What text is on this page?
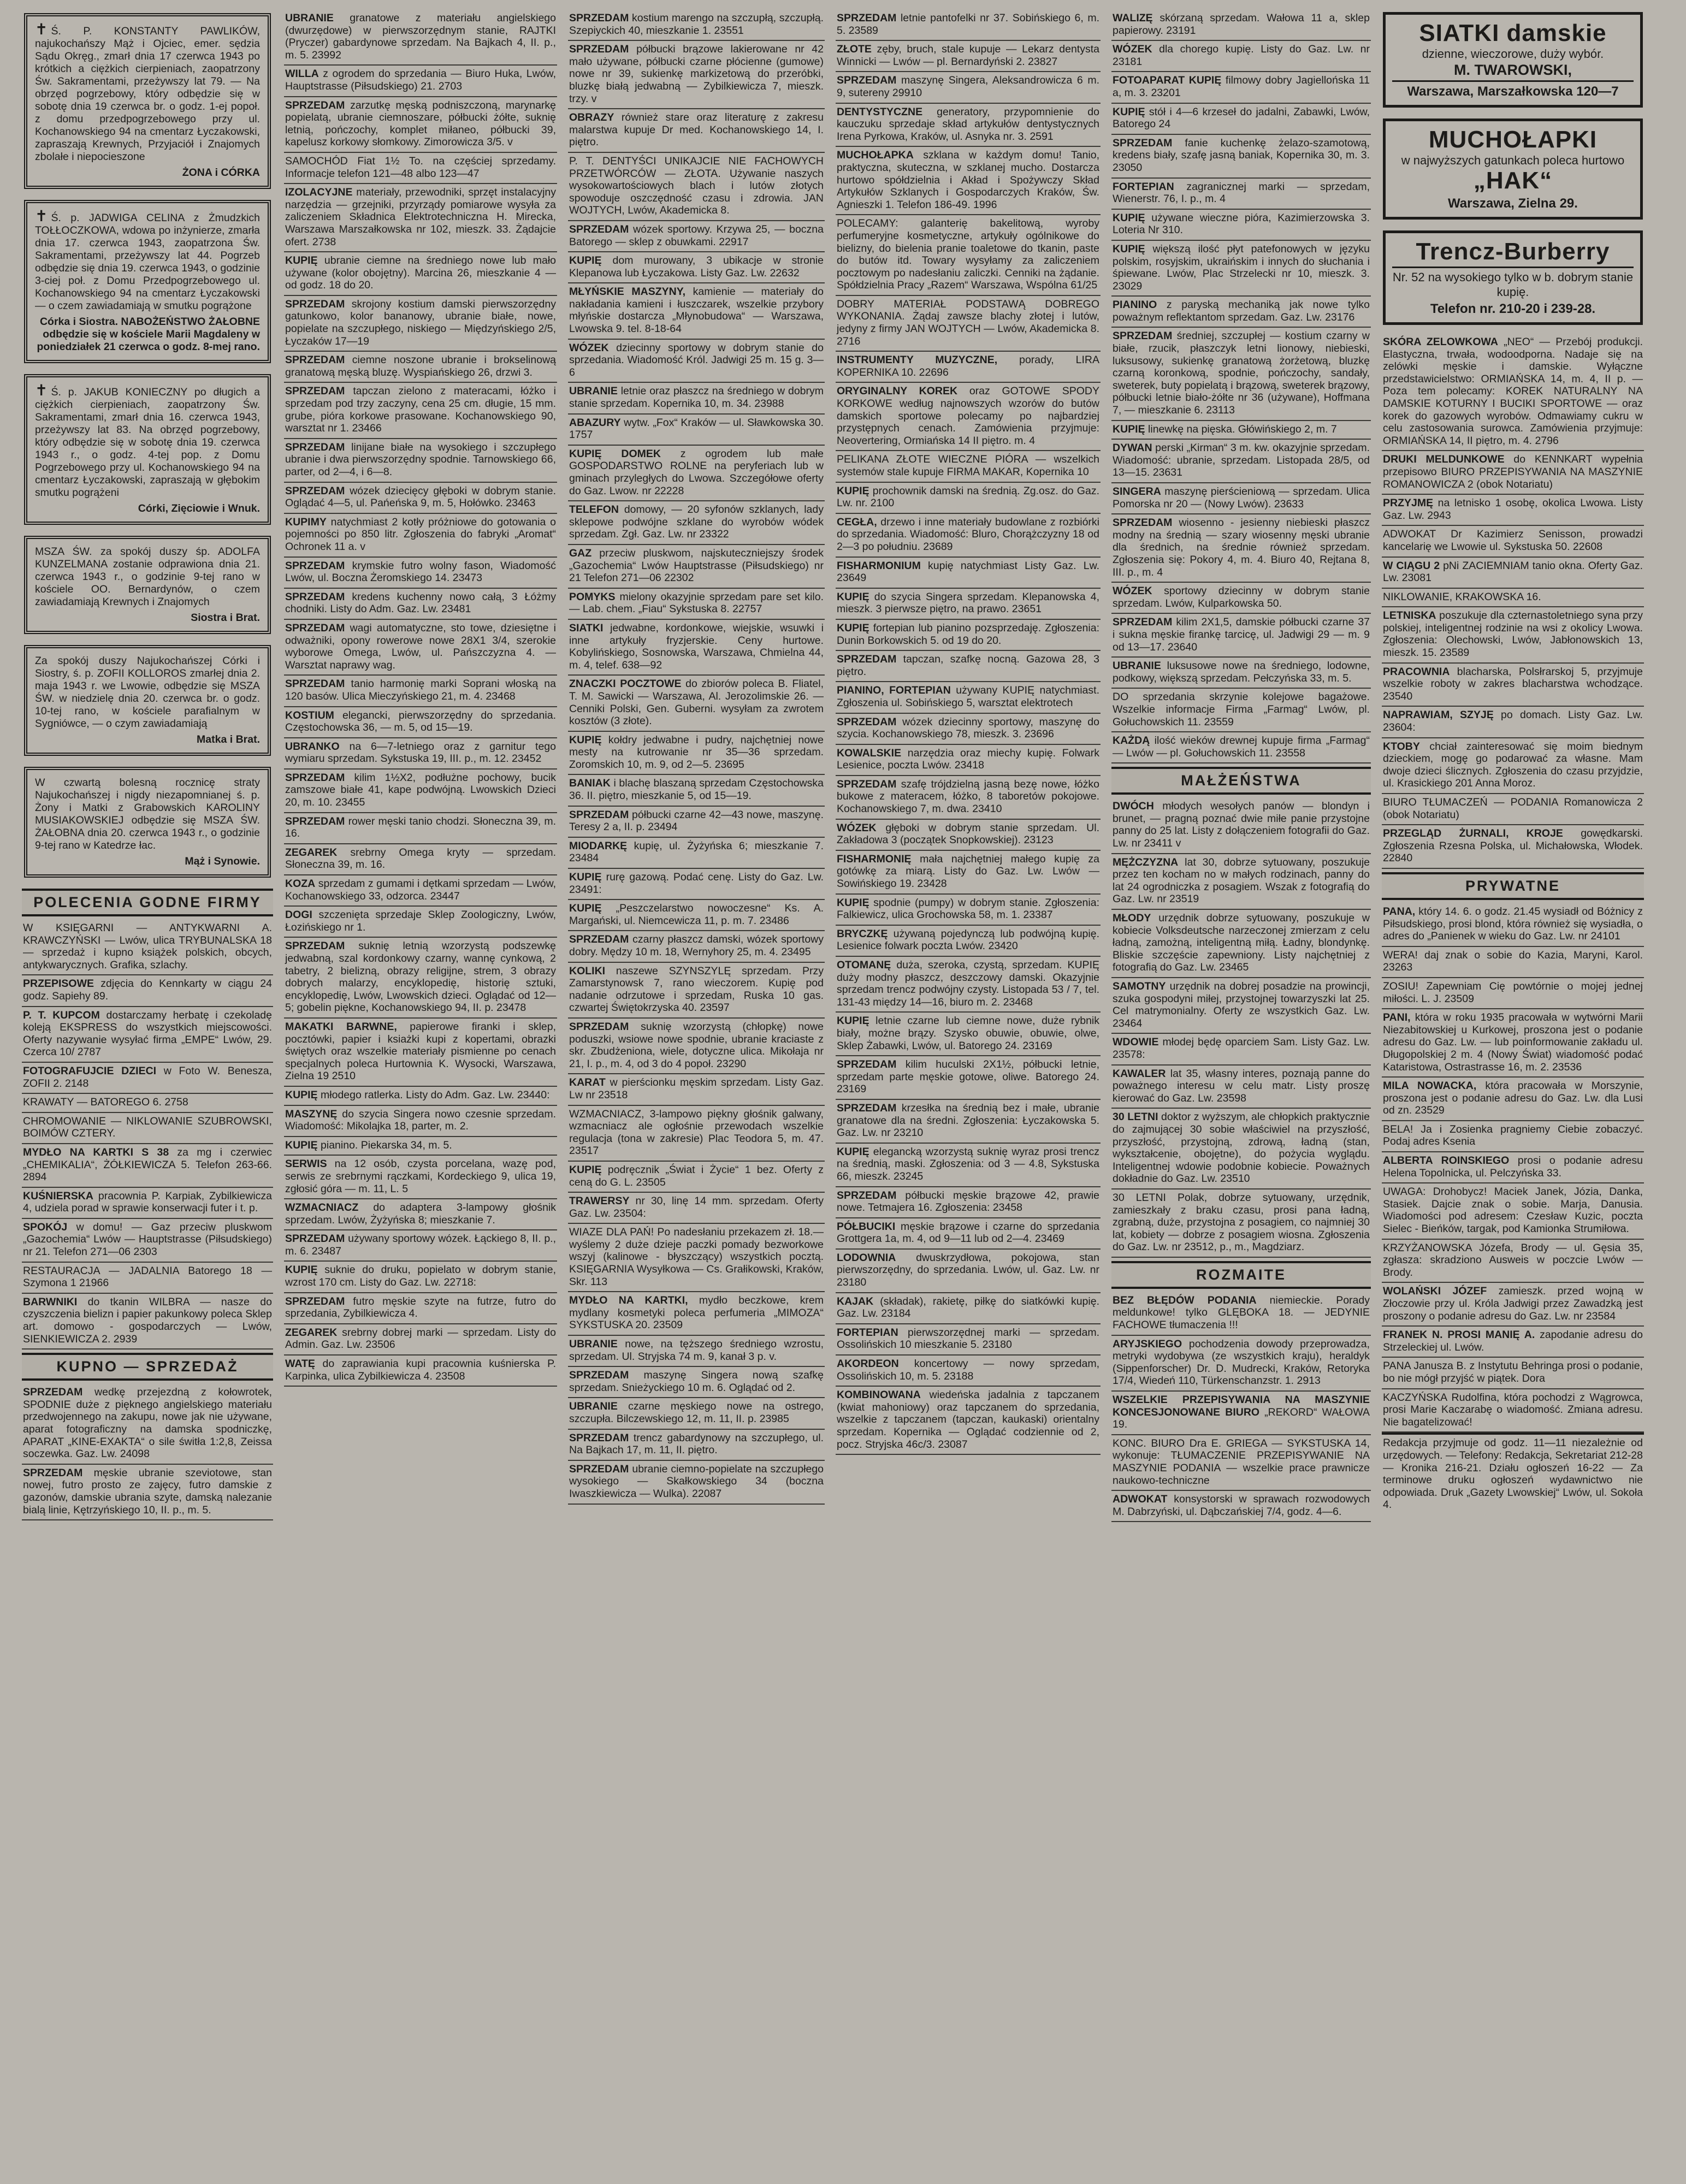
✝ Ś. P. KONSTANTY PAWLIKÓW, najukochańszy Mąż i Ojciec, emer. sędzia Sądu Okręg., zmarł dnia 17 czerwca 1943 po krótkich a ciężkich cierpieniach, zaopatrzony Św. Sakramentami, przeżywszy lat 79. — Na obrzęd pogrzebowy, który odbędzie się w sobotę dnia 19 czerwca br. o godz. 1-ej popoł. z domu przedpogrzebowego przy ul. Kochanowskiego 94 na cmentarz Łyczakowski, zapraszają Krewnych, Przyjaciół i Znajomych zbolałe i niepocieszone
ŻONA i CÓRKA
✝ Ś. p. JADWIGA CELINA z Żmudzkich TOŁŁOCZKOWA, wdowa po inżynierze, zmarła dnia 17. czerwca 1943, zaopatrzona Św. Sakramentami, przeżywszy lat 44. Pogrzeb odbędzie się dnia 19. czerwca 1943, o godzinie 3-ciej poł. z Domu Przedpogrzebowego ul. Kochanowskiego 94 na cmentarz Łyczakowski — o czem zawiadamiają w smutku pogrążone
Córka i Siostra. NABOŻEŃSTWO ŻAŁOBNE odbędzie się w kościele Marii Magdaleny w poniedziałek 21 czerwca o godz. 8-mej rano.
✝ Ś. p. JAKUB KONIECZNY po długich a ciężkich cierpieniach, zaopatrzony Św. Sakramentami, zmarł dnia 16. czerwca 1943, przeżywszy lat 83. Na obrzęd pogrzebowy, który odbędzie się w sobotę dnia 19. czerwca 1943 r., o godz. 4-tej pop. z Domu Pogrzebowego przy ul. Kochanowskiego 94 na cmentarz Łyczakowski, zapraszają w głębokim smutku pogrążeni
Córki, Zięciowie i Wnuk.
MSZA ŚW. za spokój duszy śp. ADOLFA KUNZELMANA zostanie odprawiona dnia 21. czerwca 1943 r., o godzinie 9-tej rano w kościele OO. Bernardynów, o czem zawiadamiają Krewnych i Znajomych
Siostra i Brat.
Za spokój duszy Najukochańszej Córki i Siostry, ś. p. ZOFII KOLLOROS zmarłej dnia 2. maja 1943 r. we Lwowie, odbędzie się MSZA ŚW. w niedzielę dnia 20. czerwca br. o godz. 10-tej rano, w kościele parafialnym w Sygniówce, — o czym zawiadamiają
Matka i Brat.
W czwartą bolesną rocznicę straty Najukochańszej i nigdy niezapomnianej ś. p. Żony i Matki z Grabowskich KAROLINY MUSIAKOWSKIEJ odbędzie się MSZA ŚW. ŻAŁOBNA dnia 20. czerwca 1943 r., o godzinie 9-tej rano w Katedrze łac.
Mąż i Synowie.
POLECENIA GODNE FIRMY
W KSIĘGARNI — ANTYKWARNI A. KRAWCZYŃSKI — Lwów, ulica TRYBUNALSKA 18 — sprzedaż i kupno książek polskich, obcych, antykwarycznych. Grafika, szlachy.
PRZEPISOWE zdjęcia do Kennkarty w ciągu 24 godz. Sapiehy 89.
P. T. KUPCOM dostarczamy herbatę i czekoladę koleją EKSPRESS do wszystkich miejscowości. Oferty nazywanie wysyłać firma „EMPE“ Lwów, 29. Czerca 10/ 2787
FOTOGRAFUJCIE DZIECI w Foto W. Benesza, ZOFII 2. 2148
KRAWATY — BATOREGO 6. 2758
CHROMOWANIE — NIKLOWANIE SZUBROWSKI, BOIMÓW CZTERY.
MYDŁO NA KARTKI S 38 za mg i czerwiec „CHEMIKALIA“, ŻÓŁKIEWICZA 5. Telefon 263-66. 2894
KUŚNIERSKA pracownia P. Karpiak, Zybilkiewicza 4, udziela porad w sprawie konserwacji futer i t. p.
SPOKÓJ w domu! — Gaz przeciw pluskwom „Gazochemia“ Lwów — Hauptstrasse (Piłsudskiego) nr 21. Telefon 271—06 2303
RESTAURACJA — JADALNIA Batorego 18 — Szymona 1 21966
BARWNIKI do tkanin WILBRA — nasze do czyszczenia bielizn i papier pakunkowy poleca Sklep art. domowo - gospodarczych — Lwów, SIENKIEWICZA 2. 2939
KUPNO — SPRZEDAŻ
SPRZEDAM wedkę przejezdną z kołowrotek, SPODNIE duże z pięknego angielskiego materiału przedwojennego na zakupu, nowe jak nie używane, aparat fotograficzny na damska spodniczkę, APARAT „KINE-EXAKTA“ o sile świtła 1:2,8, Zeissa soczewka. Gaz. Lw. 24098
SPRZEDAM męskie ubranie szeviotowe, stan nowej, futro prosto ze zajęcy, futro damskie z gazonów, damskie ubrania szyte, damską nalezanie bialą linie, Kętrzyńskiego 10, II. p., m. 5.
UBRANIE granatowe z materiału angielskiego (dwurzędowe) w pierwszorzędnym stanie, RAJTKI (Pryczer) gabardynowe sprzedam. Na Bajkach 4, II. p., m. 5. 23992
WILLA z ogrodem do sprzedania — Biuro Huka, Lwów, Hauptstrasse (Piłsudskiego) 21. 2703
SPRZEDAM zarzutkę męską podniszczoną, marynarkę popielatą, ubranie ciemnoszare, półbucki żółte, suknię letnią, pończochy, komplet miłaneo, półbucki 39, kapelusz korkowy słomkowy. Zimorowicza 3/5. v
SAMOCHÓD Fiat 1½ To. na częściej sprzedamy. Informacje telefon 121—48 albo 123—47
IZOLACYJNE materiały, przewodniki, sprzęt instalacyjny narzędzia — grzejniki, przyrządy pomiarowe wysyła za zaliczeniem Składnica Elektrotechniczna H. Mirecka, Warszawa Marszałkowska nr 102, mieszk. 33. Żądajcie ofert. 2738
KUPIĘ ubranie ciemne na średniego nowe lub mało używane (kolor obojętny). Marcina 26, mieszkanie 4 — od godz. 18 do 20.
SPRZEDAM skrojony kostium damski pierwszorzędny gatunkowo, kolor bananowy, ubranie białe, nowe, popielate na szczupłego, niskiego — Międzyńskiego 2/5, Łyczaków 17—19
SPRZEDAM ciemne noszone ubranie i brokselinową granatową męską bluzę. Wyspiańskiego 26, drzwi 3.
SPRZEDAM tapczan zielono z materacami, łóżko i sprzedam pod trzy zaczyny, cena 25 cm. długie, 15 mm. grube, pióra korkowe prasowane. Kochanowskiego 90, warsztat nr 1. 23466
SPRZEDAM linijane białe na wysokiego i szczupłego ubranie i dwa pierwszorzędny spodnie. Tarnowskiego 66, parter, od 2—4, i 6—8.
SPRZEDAM wózek dziecięcy głęboki w dobrym stanie. Oglądać 4—5, ul. Pańeńska 9, m. 5, Hołówko. 23463
KUPIMY natychmiast 2 kotły próżniowe do gotowania o pojemności po 850 litr. Zgłoszenia do fabryki „Aromat“ Ochronek 11 a. v
SPRZEDAM krymskie futro wolny fason, Wiadomość Lwów, ul. Boczna Żeromskiego 14. 23473
SPRZEDAM kredens kuchenny nowo całą, 3 Łóżmy chodniki. Listy do Adm. Gaz. Lw. 23481
SPRZEDAM wagi automatyczne, sto towe, dziesiętne i odważniki, opony rowerowe nowe 28X1 3/4, szerokie wyborowe Omega, Lwów, ul. Pańszczyzna 4. — Warsztat naprawy wag.
SPRZEDAM tanio harmonię marki Soprani włoską na 120 basów. Ulica Mieczyńskiego 21, m. 4. 23468
KOSTIUM elegancki, pierwszorzędny do sprzedania. Częstochowska 36, — m. 5, od 15—19.
UBRANKO na 6—7-letniego oraz z garnitur tego wymiaru sprzedam. Sykstuska 19, III. p., m. 12. 23452
SPRZEDAM kilim 1½X2, podłużne pochowy, bucik zamszowe białe 41, kape podwójną. Lwowskich Dzieci 20, m. 10. 23455
SPRZEDAM rower męski tanio chodzi. Słoneczna 39, m. 16.
ZEGAREK srebrny Omega kryty — sprzedam. Słoneczna 39, m. 16.
KOZA sprzedam z gumami i dętkami sprzedam — Lwów, Kochanowskiego 33, odzorca. 23447
DOGI szczenięta sprzedaje Sklep Zoologiczny, Lwów, Łozińskiego nr 1.
SPRZEDAM suknię letnią wzorzystą podszewkę jedwabną, szal kordonkowy czarny, wannę cynkową, 2 tabetry, 2 bielizną, obrazy religijne, strem, 3 obrazy dobrych malarzy, encyklopedię, historię sztuki, encyklopedię, Lwów, Lwowskich dzieci. Oglądać od 12—5; gobelin piękne, Kochanowskiego 94, II. p. 23478
MAKATKI BARWNE, papierowe firanki i sklep, pocztówki, papier i ksiażki kupi z kopertami, obrazki świętych oraz wszelkie materiały pismienne po cenach specjalnych poleca Hurtownia K. Wysocki, Warszawa, Zielna 19 2510
KUPIĘ młodego ratlerka. Listy do Adm. Gaz. Lw. 23440:
MASZYNĘ do szycia Singera nowo czesnie sprzedam. Wiadomość: Mikolajka 18, parter, m. 2.
KUPIĘ pianino. Piekarska 34, m. 5.
SERWIS na 12 osób, czysta porcelana, wazę pod, serwis ze srebrnymi rączkami, Kordeckiego 9, ulica 19, zgłosić góra — m. 11, L. 5
WZMACNIACZ do adaptera 3-lampowy głośnik sprzedam. Lwów, Żyżyńska 8; mieszkanie 7.
SPRZEDAM używany sportowy wózek. Łąckiego 8, II. p., m. 6. 23487
KUPIĘ suknie do druku, popielato w dobrym stanie, wzrost 170 cm. Listy do Gaz. Lw. 22718:
SPRZEDAM futro męskie szyte na futrze, futro do sprzedania, Zybilkiewicza 4.
ZEGAREK srebrny dobrej marki — sprzedam. Listy do Admin. Gaz. Lw. 23506
WATĘ do zaprawiania kupi pracownia kuśnierska P. Karpinka, ulica Zybilkiewicza 4. 23508
SPRZEDAM kostium marengo na szczupłą, szczupłą. Szepiyckich 40, mieszkanie 1. 23551
SPRZEDAM półbucki brązowe lakierowane nr 42 mało używane, półbucki czarne płócienne (gumowe) nowe nr 39, sukienkę markizetową do przeróbki, bluzkę białą jedwabną — Zybilkiewicza 7, mieszk. trzy. v
OBRAZY również stare oraz literaturę z zakresu malarstwa kupuje Dr med. Kochanowskiego 14, I. piętro.
P. T. DENTYŚCI UNIKAJCIE NIE FACHOWYCH PRZETWÓRCÓW — ZŁOTA. Używanie naszych wysokowartościowych blach i lutów złotych spowoduje oszczędność czasu i zdrowia. JAN WOJTYCH, Lwów, Akademicka 8.
SPRZEDAM wózek sportowy. Krzywa 25, — boczna Batorego — sklep z obuwkami. 22917
KUPIĘ dom murowany, 3 ubikacje w stronie Klepanowa lub Łyczakowa. Listy Gaz. Lw. 22632
MŁYŃSKIE MASZYNY, kamienie — materiały do nakładania kamieni i łuszczarek, wszelkie przybory młyńskie dostarcza „Młynobudowa“ — Warszawa, Lwowska 9. tel. 8-18-64
WÓZEK dziecinny sportowy w dobrym stanie do sprzedania. Wiadomość Król. Jadwigi 25 m. 15 g. 3—6
UBRANIE letnie oraz płaszcz na średniego w dobrym stanie sprzedam. Kopernika 10, m. 34. 23988
ABAZURY wytw. „Fox“ Kraków — ul. Sławkowska 30. 1757
KUPIĘ DOMEK z ogrodem lub małe GOSPODARSTWO ROLNE na peryferiach lub w gminach przyległych do Lwowa. Szczegółowe oferty do Gaz. Lwow. nr 22228
TELEFON domowy, — 20 syfonów szklanych, lady sklepowe podwójne szklane do wyrobów wódek sprzedam. Zgł. Gaz. Lw. nr 23322
GAZ przeciw pluskwom, najskuteczniejszy środek „Gazochemia“ Lwów Hauptstrasse (Piłsudskiego) nr 21 Telefon 271—06 22302
POMYKS mielony okazyjnie sprzedam pare set kilo. — Lab. chem. „Fiau“ Sykstuska 8. 22757
SIATKI jedwabne, kordonkowe, wiejskie, wsuwki i inne artykuły fryzjerskie. Ceny hurtowe. Kobylińskiego, Sosnowska, Warszawa, Chmielna 44, m. 4, telef. 638—92
ZNACZKI POCZTOWE do zbiorów poleca B. Fliatel, T. M. Sawicki — Warszawa, Al. Jerozolimskie 26. — Cenniki Polski, Gen. Guberni. wysyłam za zwrotem kosztów (3 złote).
KUPIĘ kołdry jedwabne i pudry, najchętniej nowe mesty na kutrowanie nr 35—36 sprzedam. Zoromskich 10, m. 9, od 2—5. 23695
BANIAK i blachę blaszaną sprzedam Częstochowska 36. II. piętro, mieszkanie 5, od 15—19.
SPRZEDAM półbucki czarne 42—43 nowe, maszynę. Teresy 2 a, II. p. 23494
MIODARKĘ kupię, ul. Żyżyńska 6; mieszkanie 7. 23484
KUPIĘ rurę gazową. Podać cenę. Listy do Gaz. Lw. 23491:
KUPIĘ „Peszczelarstwo nowoczesne“ Ks. A. Margański, ul. Niemcewicza 11, p. m. 7. 23486
SPRZEDAM czarny płaszcz damski, wózek sportowy dobry. Mędzy 10 m. 18, Wernyhory 25, m. 4. 23495
KOLIKI naszewe SZYNSZYLĘ sprzedam. Przy Zamarstynowsk 7, rano wieczorem. Kupię pod nadanie odrzutowe i sprzedam, Ruska 10 gas. czwartej Świętokrzyska 40. 23597
SPRZEDAM suknię wzorzystą (chłopkę) nowe poduszki, wsiowe nowe spodnie, ubranie kraciaste z skr. Zbudżeniona, wiele, dotyczne ulica. Mikołaja nr 21, I. p., m. 4, od 3 do 4 popoł. 23290
KARAT w pierścionku męskim sprzedam. Listy Gaz. Lw nr 23518
WZMACNIACZ, 3-lampowo piękny głośnik galwany, wzmacniacz ale ogłośnie przewodach wszelkie regulacja (tona w zakresie) Plac Teodora 5, m. 47. 23517
KUPIĘ podręcznik „Świat i Życie“ 1 bez. Oferty z ceną do G. L. 23505
TRAWERSY nr 30, linę 14 mm. sprzedam. Oferty Gaz. Lw. 23504:
WIAZE DLA PAŃ! Po nadesłaniu przekazem zł. 18.— wyślemy 2 duże dzieje paczki pomady bezworkowe wszyj (kalinowe - błyszczący) wszystkich pocztą. KSIĘGARNIA Wysyłkowa — Cs. Grałikowski, Kraków, Skr. 113
MYDŁO NA KARTKI, mydło beczkowe, krem mydlany kosmetyki poleca perfumeria „MIMOZA“ SYKSTUSKA 20. 23509
UBRANIE nowe, na tęższego średniego wzrostu, sprzedam. Ul. Stryjska 74 m. 9, kanał 3 p. v.
SPRZEDAM maszynę Singera nową szafkę sprzedam. Snieżyckiego 10 m. 6. Oglądać od 2.
UBRANIE czarne męskiego nowe na ostrego, szczupła. Bilczewskiego 12, m. 11, II. p. 23985
SPRZEDAM trencz gabardynowy na szczupłego, ul. Na Bajkach 17, m. 11, II. piętro.
SPRZEDAM ubranie ciemno-popielate na szczupłego wysokiego — Skałkowskiego 34 (boczna Iwaszkiewicza — Wulka). 22087
SPRZEDAM letnie pantofelki nr 37. Sobińskiego 6, m. 5. 23589
ZŁOTE zęby, bruch, stale kupuje — Lekarz dentysta Winnicki — Lwów — pl. Bernardyński 2. 23827
SPRZEDAM maszynę Singera, Aleksandrowicza 6 m. 9, sutereny 29910
DENTYSTYCZNE generatory, przypomnienie do kauczuku sprzedaje skład artykułów dentystycznych Irena Pyrkowa, Kraków, ul. Asnyka nr. 3. 2591
MUCHOŁAPKA szklana w każdym domu! Tanio, praktyczna, skuteczna, w szklanej mucho. Dostarcza hurtowo spółdzielnia i Akład i Spożywczy Skład Artykułów Szklanych i Gospodarczych Kraków, Św. Agnieszki 1. Telefon 186-49. 1996
POLECAMY: galanterię bakelitową, wyroby perfumeryjne kosmetyczne, artykuły ogólnikowe do bielizny, do bielenia pranie toaletowe do tkanin, paste do butów itd. Towary wysyłamy za zaliczeniem pocztowym po nadesłaniu zaliczki. Cenniki na żądanie. Spółdzielnia Pracy „Razem“ Warszawa, Wspólna 61/25
DOBRY MATERIAŁ PODSTAWĄ DOBREGO WYKONANIA. Żądaj zawsze blachy złotej i lutów, jedyny z firmy JAN WOJTYCH — Lwów, Akademicka 8. 2716
INSTRUMENTY MUZYCZNE, porady, LIRA KOPERNIKA 10. 22696
ORYGINALNY KOREK oraz GOTOWE SPODY KORKOWE według najnowszych wzorów do butów damskich sportowe polecamy po najbardziej przystępnych cenach. Zamówienia przyjmuje: Neovertering, Ormiańska 14 II piętro. m. 4
PELIKANA ZŁOTE WIECZNE PIÓRA — wszelkich systemów stale kupuje FIRMA MAKAR, Kopernika 10
KUPIĘ prochownik damski na średnią. Zg.osz. do Gaz. Lw. nr. 2100
CEGŁA, drzewo i inne materiały budowlane z rozbiórki do sprzedania. Wiadomość: Bluro, Chorążczyzny 18 od 2—3 po południu. 23689
FISHARMONIUM kupię natychmiast Listy Gaz. Lw. 23649
KUPIĘ do szycia Singera sprzedam. Klepanowska 4, mieszk. 3 pierwsze piętro, na prawo. 23651
KUPIĘ fortepian lub pianino pozsprzedaję. Zgłoszenia: Dunin Borkowskich 5. od 19 do 20.
SPRZEDAM tapczan, szafkę nocną. Gazowa 28, 3 piętro.
PIANINO, FORTEPIAN używany KUPIĘ natychmiast. Zgłoszenia ul. Sobińskiego 5, warsztat elektrotech
SPRZEDAM wózek dziecinny sportowy, maszynę do szycia. Kochanowskiego 78, mieszk. 3. 23696
KOWALSKIE narzędzia oraz miechy kupię. Folwark Lesienice, poczta Lwów. 23418
SPRZEDAM szafę trójdzielną jasną bezę nowe, łóżko bukowe z materacem, łóżko, 8 taboretów pokojowe. Kochanowskiego 7, m. dwa. 23410
WÓZEK głęboki w dobrym stanie sprzedam. Ul. Zakładowa 3 (początek Snopkowskiej). 23123
FISHARMONIĘ mała najchętniej małego kupię za gotówkę za miarą. Listy do Gaz. Lw. Lwów — Sowińskiego 19. 23428
KUPIĘ spodnie (pumpy) w dobrym stanie. Zgłoszenia: Falkiewicz, ulica Grochowska 58, m. 1. 23387
BRYCZKĘ używaną pojedynczą lub podwójną kupię. Lesienice folwark poczta Lwów. 23420
OTOMANĘ duża, szeroka, czystą, sprzedam. KUPIĘ duży modny płaszcz, deszczowy damski. Okazyjnie sprzedam trencz podwójny czysty. Listopada 53 / 7, tel. 131-43 między 14—16, biuro m. 2. 23468
KUPIĘ letnie czarne lub ciemne nowe, duże rybnik biały, możne brązy. Szysko obuwie, obuwie, olwe, Sklep Żabawki, Lwów, ul. Batorego 24. 23169
SPRZEDAM kilim huculski 2X1½, półbucki letnie, sprzedam parte męskie gotowe, oliwe. Batorego 24. 23169
SPRZEDAM krzesłka na średnią bez i małe, ubranie granatowe dla na średni. Zgłoszenia: Łyczakowska 5. Gaz. Lw. nr 23210
KUPIĘ elegancką wzorzystą suknię wyraz prosi trencz na średnią, maski. Zgłoszenia: od 3 — 4.8, Sykstuska 66, mieszk. 23245
SPRZEDAM półbucki męskie brązowe 42, prawie nowe. Tetmajera 16. Zgłoszenia: 23458
PÓŁBUCIKI męskie brązowe i czarne do sprzedania Grottgera 1a, m. 4, od 9—11 lub od 2—4. 23469
LODOWNIA dwuskrzydłowa, pokojowa, stan pierwszorzędny, do sprzedania. Lwów, ul. Gaz. Lw. nr 23180
KAJAK (składak), rakietę, piłkę do siatkówki kupię. Gaz. Lw. 23184
FORTEPIAN pierwszorzędnej marki — sprzedam. Ossolińskich 10 mieszkanie 5. 23180
AKORDEON koncertowy — nowy sprzedam, Ossolińskich 10, m. 5. 23188
KOMBINOWANA wiedeńska jadalnia z tapczanem (kwiat mahoniowy) oraz tapczanem do sprzedania, wszelkie z tapczanem (tapczan, kaukaski) orientalny sprzedam. Kopernika — Oglądać codziennie od 2, pocz. Stryjska 46c/3. 23087
WALIZĘ skórzaną sprzedam. Wałowa 11 a, sklep papierowy. 23191
WÓZEK dla chorego kupię. Listy do Gaz. Lw. nr 23181
FOTOAPARAT KUPIĘ filmowy dobry Jagiellońska 11 a, m. 3. 23201
KUPIĘ stół i 4—6 krzeseł do jadalni, Zabawki, Lwów, Batorego 24
SPRZEDAM fanie kuchenkę żelazo-szamotową, kredens biały, szafę jasną baniak, Kopernika 30, m. 3. 23050
FORTEPIAN zagranicznej marki — sprzedam, Wienerstr. 76, I. p., m. 4
KUPIĘ używane wieczne pióra, Kazimierzowska 3. Loteria Nr 310.
KUPIĘ większą ilość płyt patefonowych w języku polskim, rosyjskim, ukraińskim i innych do słuchania i śpiewane. Lwów, Plac Strzelecki nr 10, mieszk. 3. 23029
PIANINO z paryską mechaniką jak nowe tylko poważnym reflektantom sprzedam. Gaz. Lw. 23176
SPRZEDAM średniej, szczupłej — kostium czarny w białe, rzucik, płaszczyk letni lionowy, niebieski, luksusowy, sukienkę granatową żorżetową, bluzkę czarną koronkową, spodnie, pończochy, sandały, sweterek, buty popielatą i brązową, sweterek brązowy, półbucki letnie biało-żółte nr 36 (używane), Hoffmana 7, — mieszkanie 6. 23113
KUPIĘ linewkę na pięska. Główińskiego 2, m. 7
DYWAN perski „Kirman“ 3 m. kw. okazyjnie sprzedam. Wiadomość: ubranie, sprzedam. Listopada 28/5, od 13—15. 23631
SINGERA maszynę pierścieniową — sprzedam. Ulica Pomorska nr 20 — (Nowy Lwów). 23633
SPRZEDAM wiosenno - jesienny niebieski płaszcz modny na średnią — szary wiosenny męski ubranie dla średnich, na średnie również sprzedam. Zgłoszenia się: Pokory 4, m. 4. Biuro 40, Rejtana 8, III. p., m. 4
WÓZEK sportowy dziecinny w dobrym stanie sprzedam. Lwów, Kulparkowska 50.
SPRZEDAM kilim 2X1,5, damskie półbucki czarne 37 i sukna męskie firankę tarcicę, ul. Jadwigi 29 — m. 9 od 13—17. 23640
UBRANIE luksusowe nowe na średniego, lodowne, podkowy, większą sprzedam. Pełczyńska 33, m. 5.
DO sprzedania skrzynie kolejowe bagażowe. Wszelkie informacje Firma „Farmag“ Lwów, pl. Gołuchowskich 11. 23559
KAŻDĄ ilość wieków drewnej kupuje firma „Farmag“ — Lwów — pl. Gołuchowskich 11. 23558
MAŁŻEŃSTWA
DWÓCH młodych wesołych panów — blondyn i brunet, — pragną poznać dwie miłe panie przystojne panny do 25 lat. Listy z dołączeniem fotografii do Gaz. Lw. nr 23411 v
MĘŻCZYZNA lat 30, dobrze sytuowany, poszukuje przez ten kocham no w małych rodzinach, panny do lat 24 ogrodniczka z posagiem. Wszak z fotografią do Gaz. Lw. nr 23519
MŁODY urzędnik dobrze sytuowany, poszukuje w kobiecie Volksdeutsche narzeczonej zmierzam z celu ładną, zamożną, inteligentną miłą. Ładny, blondynkę. Bliskie szczęście zapewniony. Listy najchętniej z fotografią do Gaz. Lw. 23465
SAMOTNY urzędnik na dobrej posadzie na prowincji, szuka gospodyni miłej, przystojnej towarzyszki lat 25. Cel matrymonialny. Oferty ze wszystkich Gaz. Lw. 23464
WDOWIE młodej będę oparciem Sam. Listy Gaz. Lw. 23578:
KAWALER lat 35, własny interes, poznają panne do poważnego interesu w celu matr. Listy proszę kierować do Gaz. Lw. 23598
30 LETNI doktor z wyższym, ale chłopkich praktycznie do zajmującej 30 sobie właściwiel na przyszłość, przyszłość, przystojną, zdrową, ładną (stan, wykształcenie, obojętne), do pożycia wyglądu. Inteligentnej wdowie podobnie kobiecie. Poważnych dokładnie do Gaz. Lw. 23510
30 LETNI Polak, dobrze sytuowany, urzędnik, zamieszkały z braku czasu, prosi pana ładną, zgrabną, duże, przystojna z posagiem, co najmniej 30 lat, kobiety — dobrze z posagiem wiosna. Zgłoszenia do Gaz. Lw. nr 23512, p., m., Magdziarz.
ROZMAITE
BEZ BŁĘDÓW PODANIA niemieckie. Porady meldunkowe! tylko GLĘBOKA 18. — JEDYNIE FACHOWE tłumaczenia !!!
ARYJSKIEGO pochodzenia dowody przeprowadza, metryki wydobywa (ze wszystkich kraju), heraldyk (Sippenforscher) Dr. D. Mudrecki, Kraków, Retoryka 17/4, Wiedeń 110, Türkenschanzstr. 1. 2913
WSZELKIE PRZEPISYWANIA NA MASZYNIE KONCESJONOWANE BIURO „REKORD“ WAŁOWA 19.
KONC. BIURO Dra E. GRIEGA — SYKSTUSKA 14, wykonuje: TŁUMACZENIE PRZEPISYWANIE NA MASZYNIE PODANIA — wszelkie prace prawnicze naukowo-techniczne
ADWOKAT konsystorski w sprawach rozwodowych M. Dabrzyński, ul. Dąbczańskiej 7/4, godz. 4—6.
SIATKI damskie
dzienne, wieczorowe, duży wybór.
M. TWAROWSKI,
Warszawa, Marszałkowska 120—7
MUCHOŁAPKI
w najwyższych gatunkach poleca hurtowo
„HAK“
Warszawa, Zielna 29.
Trencz-Burberry
Nr. 52 na wysokiego tylko w b. dobrym stanie kupię.
Telefon nr. 210-20 i 239-28.
SKÓRA ZELOWKOWA „NEO“ — Przebój produkcji. Elastyczna, trwała, wodoodporna. Nadaje się na zelówki męskie i damskie. Wyłączne przedstawicielstwo: ORMIAŃSKA 14, m. 4, II p. — Poza tem polecamy: KOREK NATURALNY NA DAMSKIE KOTURNY I BUCIKI SPORTOWE — oraz korek do gazowych wyrobów. Odmawiamy cukru w celu zastosowania surowca. Zamówienia przyjmuje: ORMIAŃSKA 14, II piętro, m. 4. 2796
DRUKI MELDUNKOWE do KENNKART wypełnia przepisowo BIURO PRZEPISYWANIA NA MASZYNIE ROMANOWICZA 2 (obok Notariatu)
PRZYJMĘ na letnisko 1 osobę, okolica Lwowa. Listy Gaz. Lw. 2943
ADWOKAT Dr Kazimierz Senisson, prowadzi kancelarię we Lwowie ul. Sykstuska 50. 22608
W CIĄGU 2 pNi ZACIEMNIAM tanio okna. Oferty Gaz. Lw. 23081
NIKLOWANIE, KRAKOWSKA 16.
LETNISKA poszukuje dla czternastoletniego syna przy polskiej, inteligentnej rodzinie na wsi z okolicy Lwowa. Zgłoszenia: Olechowski, Lwów, Jabłonowskich 13, mieszk. 15. 23589
PRACOWNIA blacharska, Polsłrarskoj 5, przyjmuje wszelkie roboty w zakres blacharstwa wchodzące. 23540
NAPRAWIAM, SZYJĘ po domach. Listy Gaz. Lw. 23604:
KTOBY chciał zainteresować się moim biednym dzieckiem, mogę go podarować za własne. Mam dwoje dzieci ślicznych. Zgłoszenia do czasu przyjdzie, ul. Krasickiego 201 Anna Moroz.
BIURO TŁUMACZEŃ — PODANIA Romanowicza 2 (obok Notariatu)
PRZEGLĄD ŻURNALI, KROJE gowędkarski. Zgłoszenia Rzesna Polska, ul. Michałowska, Włodek. 22840
PRYWATNE
PANA, który 14. 6. o godz. 21.45 wysiadł od Bóżnicy z Piłsudskiego, prosi blond, która również się wysiadła, o adres do „Panienek w wieku do Gaz. Lw. nr 24101
WERA! daj znak o sobie do Kazia, Maryni, Karol. 23263
ZOSIU! Zapewniam Cię powtórnie o mojej jednej miłości. L. J. 23509
PANI, która w roku 1935 pracowała w wytwórni Marii Niezabitowskiej u Kurkowej, proszona jest o podanie adresu do Gaz. Lw. — lub poinformowanie zakładu ul. Długopolskiej 2 m. 4 (Nowy Świat) wiadomość podać Kataristowa, Ostrastrasse 16, m. 2. 23536
MILA NOWACKA, która pracowała w Morszynie, proszona jest o podanie adresu do Gaz. Lw. dla Lusi od zn. 23529
BELA! Ja i Zosienka pragniemy Ciebie zobaczyć. Podaj adres Ksenia
ALBERTA ROINSKIEGO prosi o podanie adresu Helena Topolnicka, ul. Pelczyńska 33.
UWAGA: Drohobycz! Maciek Janek, Józia, Danka, Stasiek. Dajcie znak o sobie. Marja, Danusia. Wiadomości pod adresem: Czesław Kuzic, poczta Sielec - Bieńków, targak, pod Kamionka Strumiłowa.
KRZYŻANOWSKA Józefa, Brody — ul. Gęsia 35, zgłasza: skradziono Ausweis w poczcie Lwów — Brody.
WOLAŃSKI JÓZEF zamieszk. przed wojną w Złoczowie przy ul. Króla Jadwigi przez Zawadzką jest proszony o podanie adresu do Gaz. Lw. nr 23584
FRANEK N. PROSI MANIĘ A. zapodanie adresu do Strzeleckiej ul. Lwów.
PANA Janusza B. z Instytutu Behringa prosi o podanie, bo nie mógł przyjść w piątek. Dora
KACZYŃSKA Rudolfina, która pochodzi z Wągrowca, prosi Marie Kaczarabę o wiadomość. Zmiana adresu. Nie bagatelizować!
Redakcja przyjmuje od godz. 11—11 niezależnie od urzędowych. — Telefony: Redakcja, Sekretariat 212-28 — Kronika 216-21. Działu ogłoszeń 16-22 — Za terminowe druku ogłoszeń wydawnictwo nie odpowiada. Druk „Gazety Lwowskiej“ Lwów, ul. Sokoła 4.
